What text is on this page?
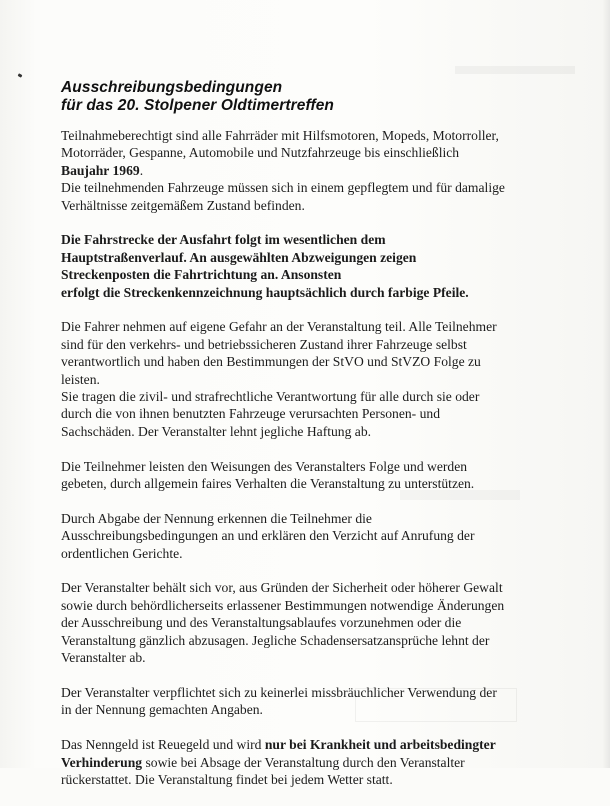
Ausschreibungsbedingungen
für das 20. Stolpener Oldtimertreffen
Teilnahmeberechtigt sind alle Fahrräder mit Hilfsmotoren, Mopeds, Motorroller,
Motorräder, Gespanne, Automobile und Nutzfahrzeuge bis einschließlich
Baujahr 1969.
Die teilnehmenden Fahrzeuge müssen sich in einem gepflegtem und für damalige
Verhältnisse zeitgemäßem Zustand befinden.
Die Fahrstrecke der Ausfahrt folgt im wesentlichen dem
Hauptstraßenverlauf. An ausgewählten Abzweigungen zeigen
Streckenposten die Fahrtrichtung an. Ansonsten
erfolgt die Streckenkennzeichnung hauptsächlich durch farbige Pfeile.
Die Fahrer nehmen auf eigene Gefahr an der Veranstaltung teil. Alle Teilnehmer
sind für den verkehrs- und betriebssicheren Zustand ihrer Fahrzeuge selbst
verantwortlich und haben den Bestimmungen der StVO und StVZO Folge zu
leisten.
Sie tragen die zivil- und strafrechtliche Verantwortung für alle durch sie oder
durch die von ihnen benutzten Fahrzeuge verursachten Personen- und
Sachschäden. Der Veranstalter lehnt jegliche Haftung ab.
Die Teilnehmer leisten den Weisungen des Veranstalters Folge und werden
gebeten, durch allgemein faires Verhalten die Veranstaltung zu unterstützen.
Durch Abgabe der Nennung erkennen die Teilnehmer die
Ausschreibungsbedingungen an und erklären den Verzicht auf Anrufung der
ordentlichen Gerichte.
Der Veranstalter behält sich vor, aus Gründen der Sicherheit oder höherer Gewalt
sowie durch behördlicherseits erlassener Bestimmungen notwendige Änderungen
der Ausschreibung und des Veranstaltungsablaufes vorzunehmen oder die
Veranstaltung gänzlich abzusagen. Jegliche Schadensersatzansprüche lehnt der
Veranstalter ab.
Der Veranstalter verpflichtet sich zu keinerlei missbräuchlicher Verwendung der
in der Nennung gemachten Angaben.
Das Nenngeld ist Reuegeld und wird nur bei Krankheit und arbeitsbedingter
Verhinderung sowie bei Absage der Veranstaltung durch den Veranstalter
rückerstattet. Die Veranstaltung findet bei jedem Wetter statt.
